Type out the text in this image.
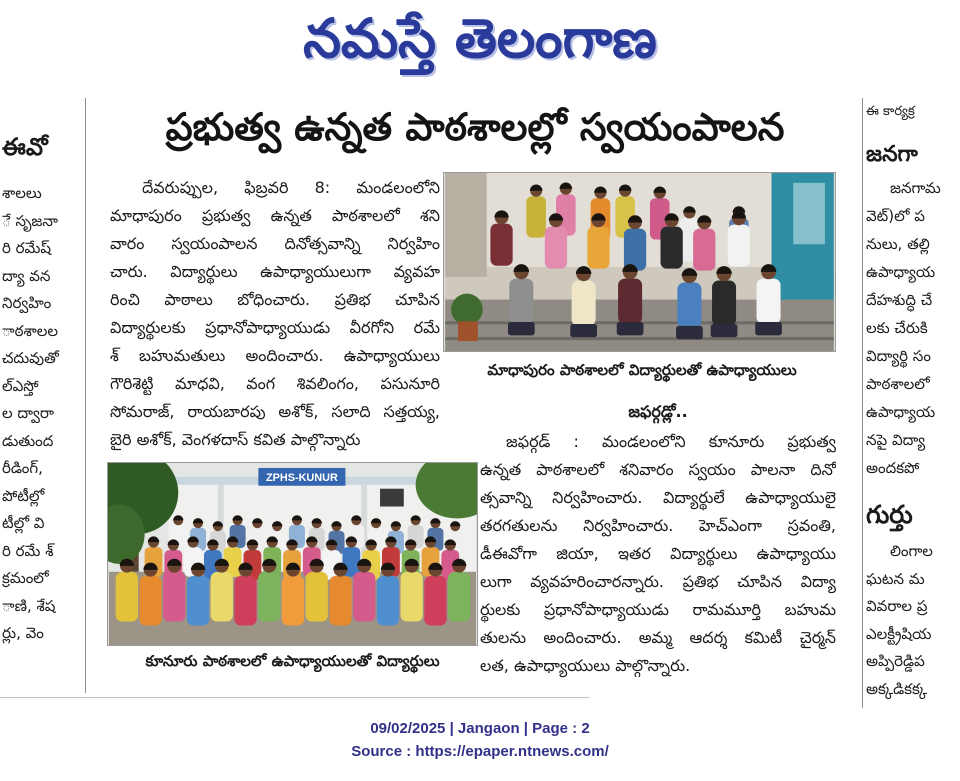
నమస్తే తెలంగాణ
ఈవో
శాలలు
ే సృజనా
రి రమేష్
ద్యా వన
నిర్వహిం
ాఠశాలల
చదువుతో
ల్ఎస్తో
ల ద్వారా
డుతుంద
రీడింగ్,
పోటీల్లో
టీల్లో వి
రి రమే శ్
క్రమంలో
ాణి, శేష
ర్లు, వెం
ప్రభుత్వ ఉన్నత పాఠశాలల్లో స్వయంపాలన
దేవరుప్పుల, ఫిబ్రవరి 8: మండలంలోని
మాధాపురం ప్రభుత్వ ఉన్నత పాఠశాలలో శని
వారం స్వయంపాలన దినోత్సవాన్ని నిర్వహిం
చారు. విద్యార్థులు ఉపాధ్యాయులుగా వ్యవహ
రించి పాఠాలు బోధించారు. ప్రతిభ చూపిన
విద్యార్థులకు ప్రధానోపాధ్యాయుడు వీరగోని రమే
శ్ బహుమతులు అందించారు. ఉపాధ్యాయులు
గౌరిశెట్టి మాధవి, వంగ శివలింగం, పసునూరి
సోమరాజ్, రాయబారపు అశోక్, సలాది సత్తయ్య,
బైరి అశోక్, వెంగళదాస్ కవిత పాల్గొన్నారు
మాధాపురం పాఠశాలలో విద్యార్థులతో ఉపాధ్యాయులు
జఫర్గడ్లో..
జఫర్గడ్ : మండలంలోని కూనూరు ప్రభుత్వ
ఉన్నత పాఠశాలలో శనివారం స్వయం పాలనా దినో
త్సవాన్ని నిర్వహించారు. విద్యార్థులే ఉపాధ్యాయులై
తరగతులను నిర్వహించారు. హెచ్ఎంగా స్రవంతి,
డీఈవోగా జియా, ఇతర విద్యార్థులు ఉపాధ్యాయు
లుగా వ్యవహరించారన్నారు. ప్రతిభ చూపిన విద్యా
ర్థులకు ప్రధానోపాధ్యాయుడు రామమూర్తి బహుమ
తులను అందించారు. అమ్మ ఆదర్శ కమిటీ చైర్మన్
లత, ఉపాధ్యాయులు పాల్గొన్నారు.
ZPHS-KUNUR
కూనూరు పాఠశాలలో ఉపాధ్యాయులతో విద్యార్థులు
ఈ కార్యక్ర
జనగా
జనగామ
వెట్)లో ప
నులు, తల్లి
ఉపాధ్యాయ
దేహశుద్ధి చే
లకు చేరుకి
విద్యార్థి సం
పాఠశాలలో
ఉపాధ్యాయ
నపై విద్యా
అందకపో
గుర్తు
లింగాల
ఘటన మ
వివరాల ప్ర
ఎలక్ట్రీషియ
అప్పిరెడ్డిప
అక్కడికక్క
09/02/2025 | Jangaon | Page : 2
Source : https://epaper.ntnews.com/
